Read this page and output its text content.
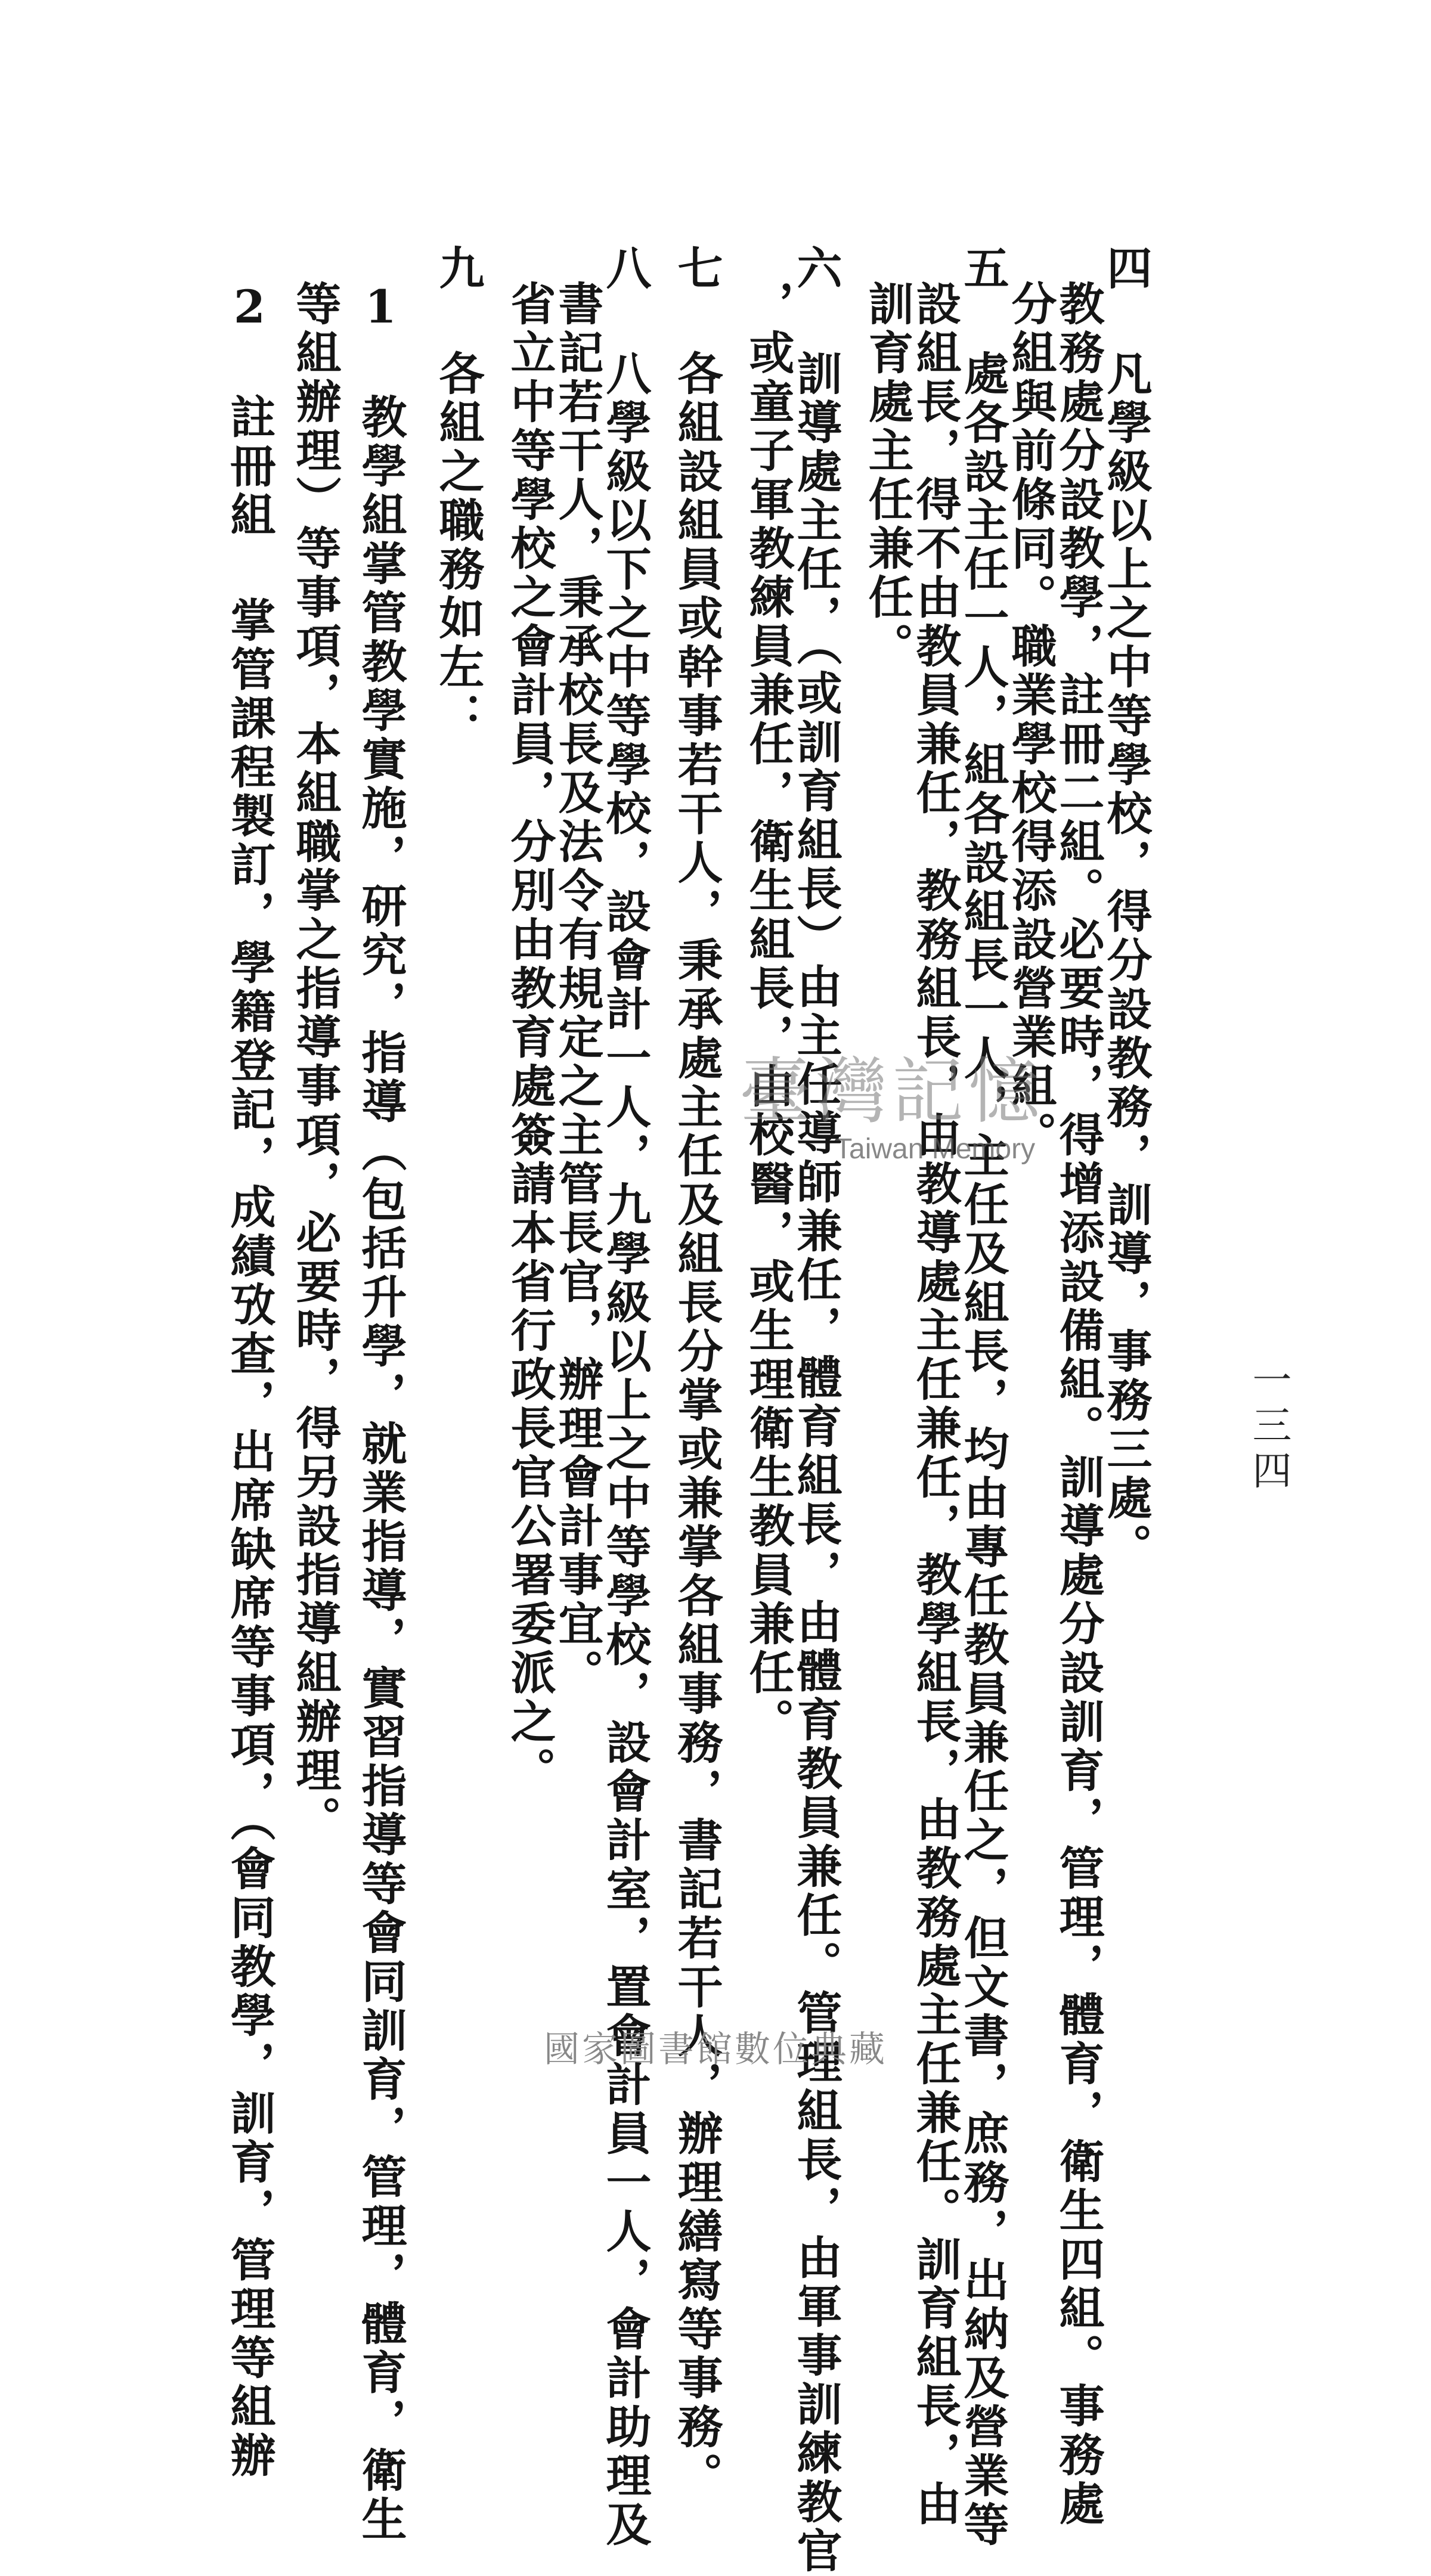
一三四
四 凡學級以上之中等學校，得分設教務，訓導，事務三處。
教務處分設教學，註冊二組。必要時，得增添設備組。訓導處分設訓育，管理，體育，衛生四組。事務處
分組與前條同。職業學校得添設營業組。
五 處各設主任一人，組各設組長一人，主任及組長，均由專任教員兼任之，但文書，庶務，出納及營業等
設組長，得不由教員兼任，教務組長，由教導處主任兼任，教學組長，由教務處主任兼任。訓育組長，由
訓育處主任兼任。
六 訓導處主任，（或訓育組長）由主任導師兼任，體育組長，由體育教員兼任。管理組長，由軍事訓練教官
，或童子軍教練員兼任，衛生組長，由校醫，或生理衛生教員兼任。
七 各組設組員或幹事若干人，秉承處主任及組長分掌或兼掌各組事務，書記若干人，辦理繕寫等事務。
八 八學級以下之中等學校，設會計一人，九學級以上之中等學校，設會計室，置會計員一人，會計助理及
書記若干人，秉承校長及法令有規定之主管長官，辦理會計事宜。
省立中等學校之會計員，分別由教育處簽請本省行政長官公署委派之。
九 各組之職務如左：
1 教學組掌管教學實施，研究，指導（包括升學，就業指導，實習指導等會同訓育，管理，體育，衛生
等組辦理）等事項，本組職掌之指導事項，必要時，得另設指導組辦理。
2 註冊組 掌管課程製訂，學籍登記，成績攷查，出席缺席等事項，（會同教學，訓育，管理等組辦	臺灣記憶
Taiwan Memory
國家圖書館數位典藏
